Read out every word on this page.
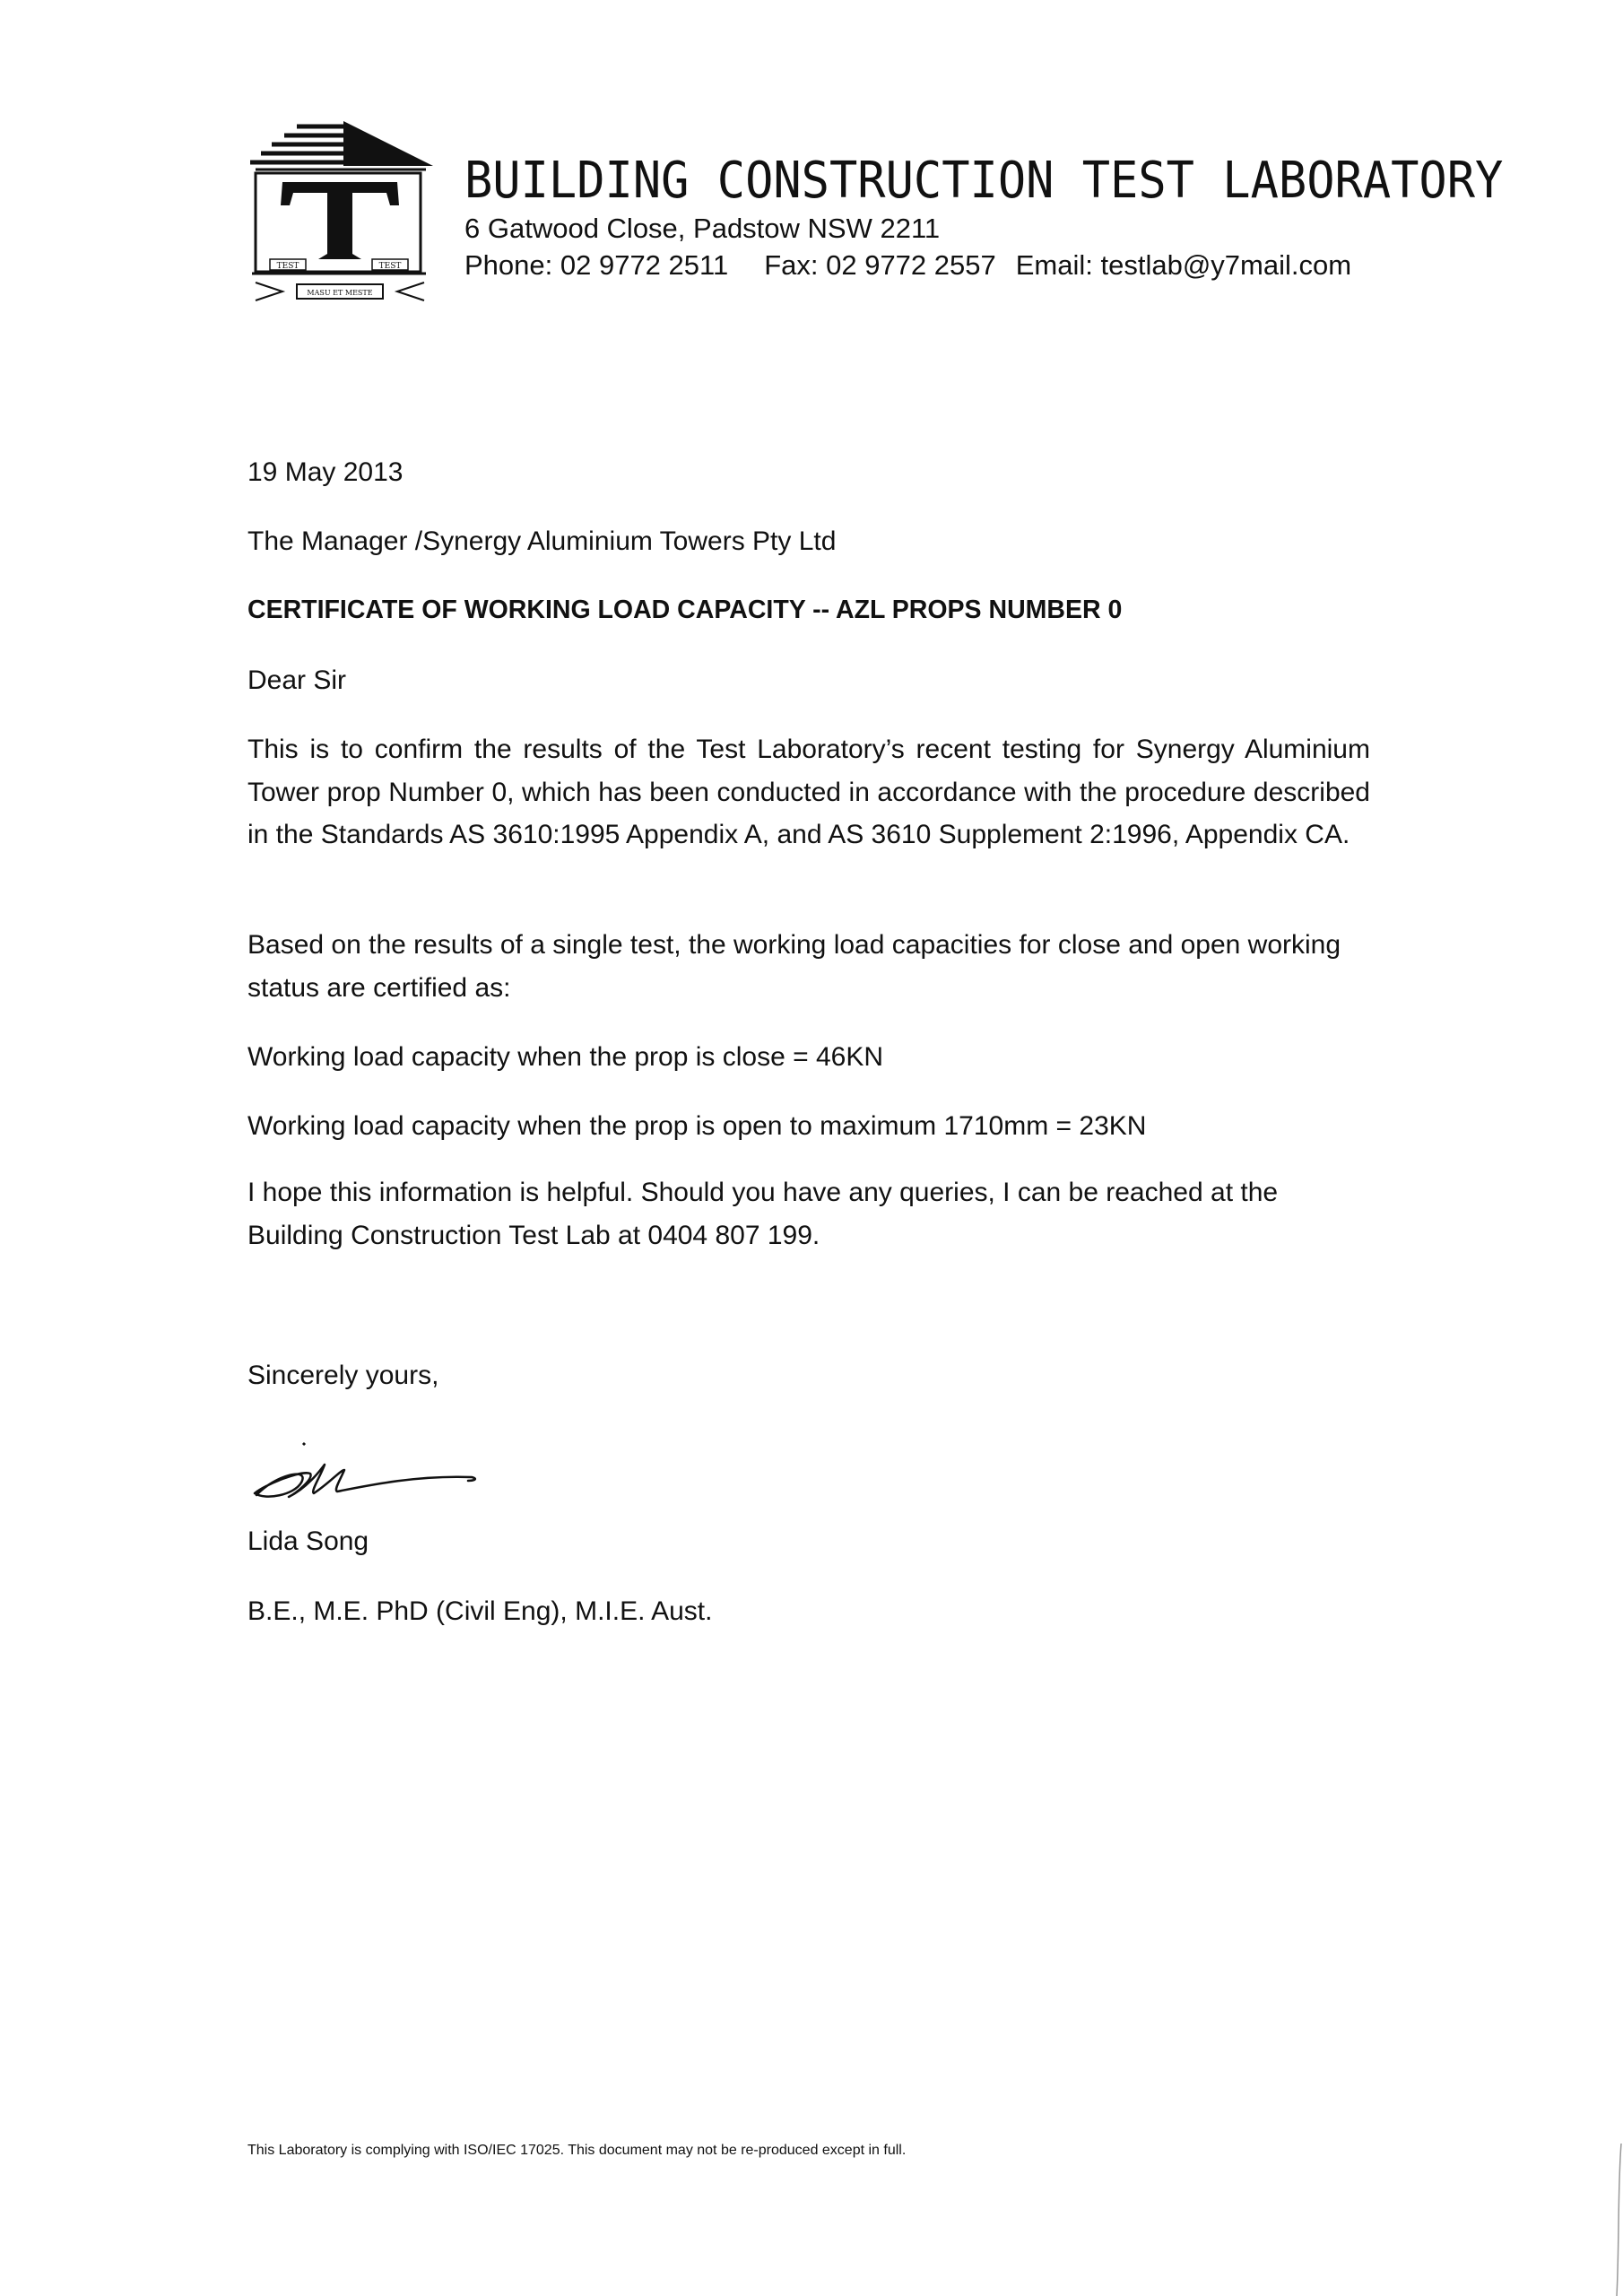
TEST	TEST
MASU ET MESTE
BUILDING CONSTRUCTION TEST LABORATORY
6 Gatwood Close, Padstow NSW 2211
Phone: 02 9772 2511 Fax: 02 9772 2557 Email: testlab@y7mail.com
19 May 2013
The Manager /Synergy Aluminium Towers Pty Ltd
CERTIFICATE OF WORKING LOAD CAPACITY -- AZL PROPS NUMBER 0
Dear Sir
This is to confirm the results of the Test Laboratory’s recent testing for Synergy Aluminium Tower prop Number 0, which has been conducted in accordance with the procedure described in the Standards AS 3610:1995 Appendix A, and AS 3610 Supplement 2:1996, Appendix CA.
Based on the results of a single test, the working load capacities for close and open working status are certified as:
Working load capacity when the prop is close = 46KN
Working load capacity when the prop is open to maximum 1710mm = 23KN
I hope this information is helpful. Should you have any queries, I can be reached at the Building Construction Test Lab at 0404 807 199.
Sincerely yours,
Lida Song
B.E., M.E. PhD (Civil Eng), M.I.E. Aust.
This Laboratory is complying with ISO/IEC 17025. This document may not be re-produced except in full.
